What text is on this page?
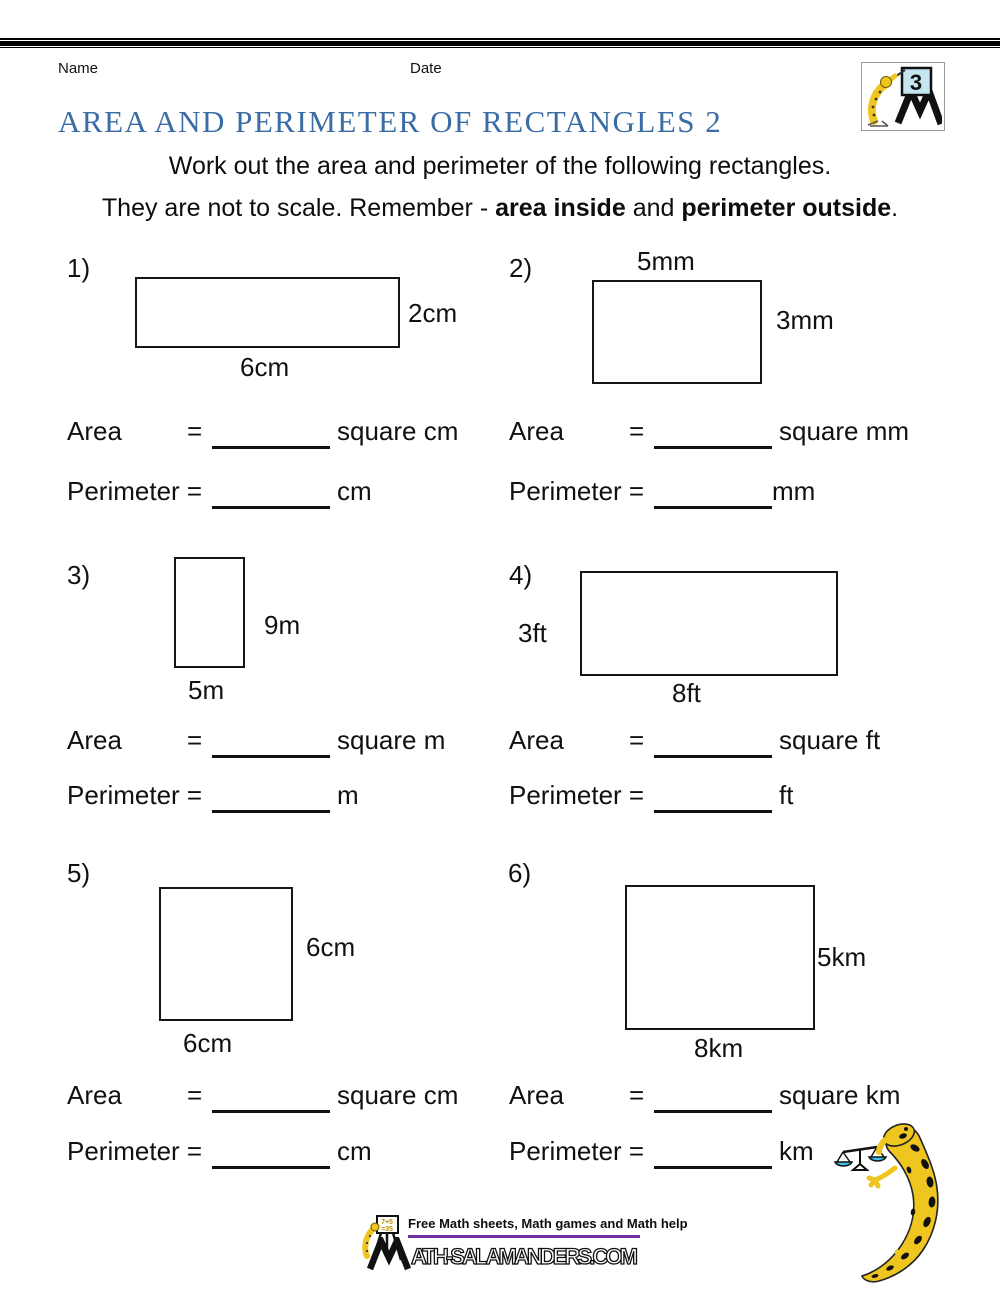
Name	Date
3
AREA AND PERIMETER OF RECTANGLES 2
Work out the area and perimeter of the following rectangles.
They are not to scale. Remember - area inside and perimeter outside.
1)
2cm
6cm
Area	=	square cm
Perimeter =	cm
2)	5mm
3mm
Area	=	square mm
Perimeter =	mm
3)
9m
5m
Area	=	square m
Perimeter =	m
4)
3ft
8ft
Area	=	square ft
Perimeter =	ft
5)
6cm
6cm
Area	=	square cm
Perimeter =	cm
6)
5km
8km
Area	=	square km
Perimeter =	km
7+5
=35 Free Math sheets, Math games and Math help
ATH-SALAMANDERS.COM
